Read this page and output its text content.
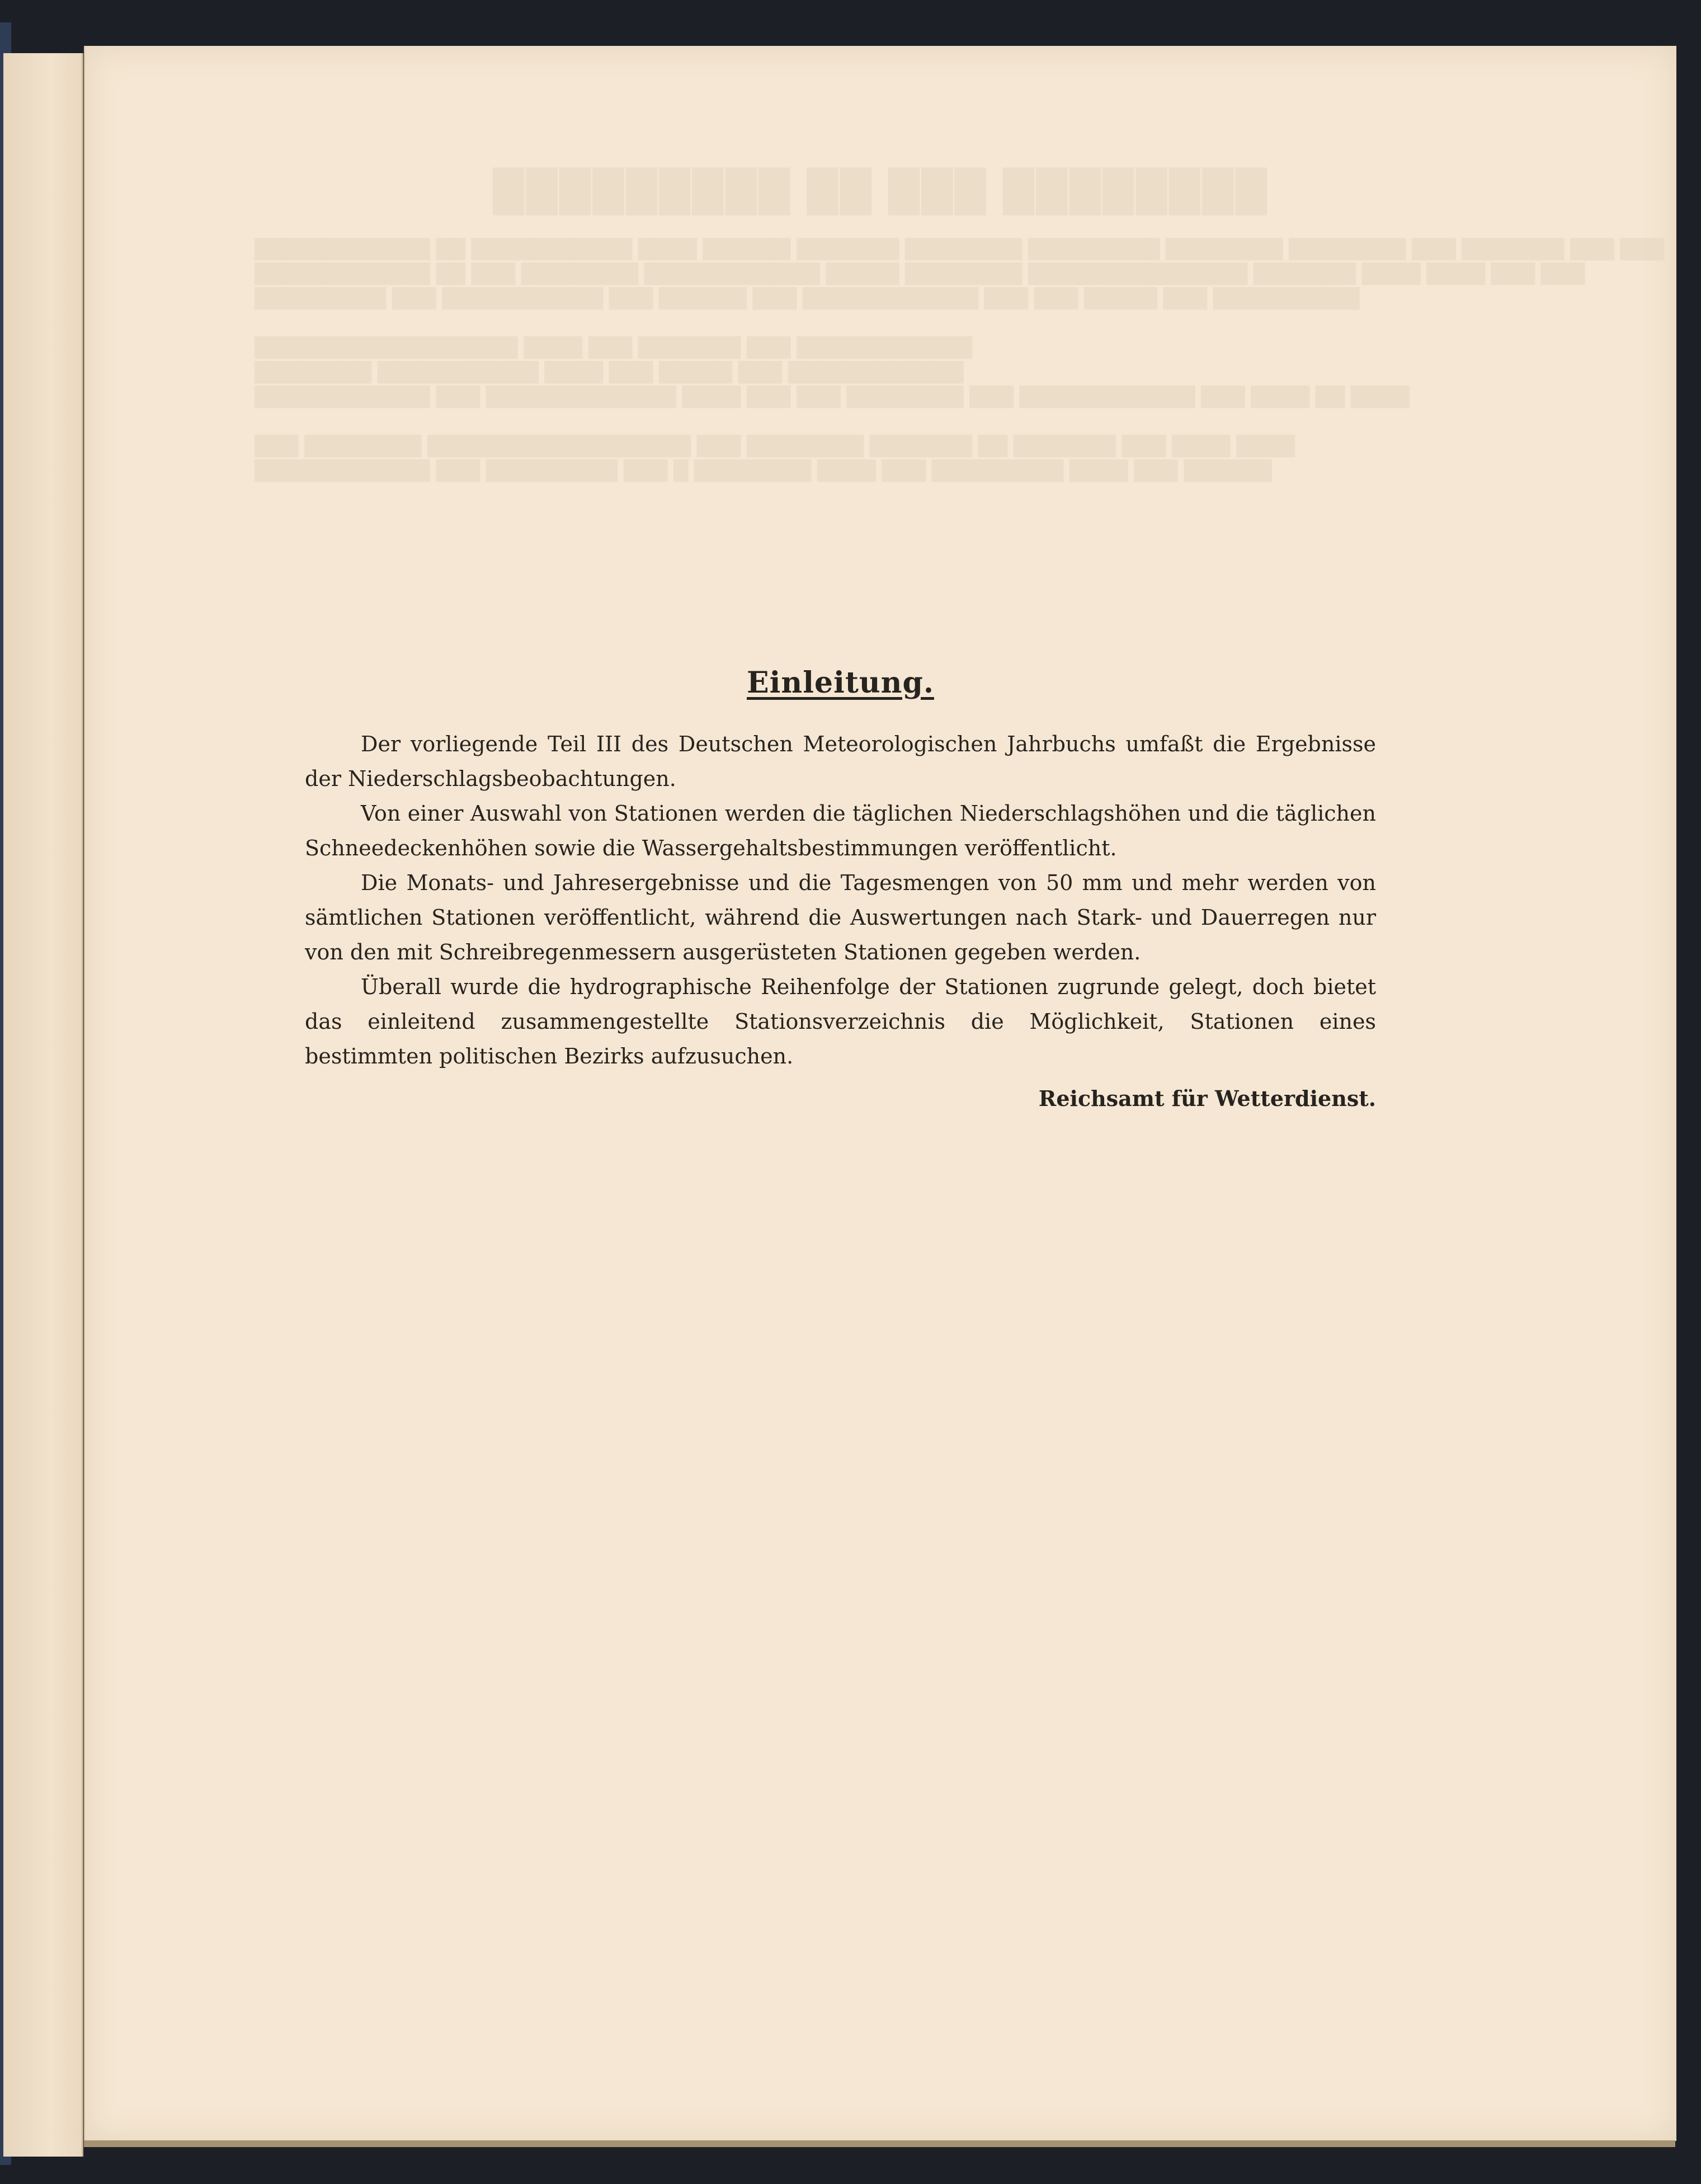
█████████ ██ ███ ████████
████████████ ██ ███████████ ████ ██████ ███████ ████████ █████████ ████████ ████████ ███ ███████ ███ ███
████████████ ██ ███ ████████ ████████████ █████ ████████ ███████████████ ███████ ████ ████ ███ ███
█████████ ███ ███████████ ███ ██████ ███ ████████████ ███ ███ █████ ███ ██████████

██████████████████ ████ ███ ███████ ███ ████████████
████████ ███████████ ████ ███ █████ ███ ████████████
████████████ ███ █████████████ ████ ███ ███ ████████ ███ ████████████ ███ ████ ██ ████

███ ████████ ██████████████████ ███ ████████ ███████ ██ ███████ ███ ████ ████
████████████ ███ █████████ ███ █ ████████ ████ ███ █████████ ████ ███ ██████
Einleitung.

Der vorliegende Teil III des Deutschen Meteorologischen Jahrbuchs umfaßt die Ergebnisse der Niederschlagsbeobachtungen.

Von einer Auswahl von Stationen werden die täglichen Niederschlagshöhen und die täglichen Schneedeckenhöhen sowie die Wassergehaltsbestimmungen veröffentlicht.

Die Monats- und Jahresergebnisse und die Tagesmengen von 50 mm und mehr werden von sämtlichen Stationen veröffentlicht, während die Auswertungen nach Stark- und Dauerregen nur von den mit Schreibregenmessern ausgerüsteten Stationen gegeben werden.

Überall wurde die hydrographische Reihenfolge der Stationen zugrunde gelegt, doch bietet das einleitend zusammengestellte Stationsverzeichnis die Möglichkeit, Stationen eines bestimmten politischen Bezirks aufzusuchen.

Reichsamt für Wetterdienst.
